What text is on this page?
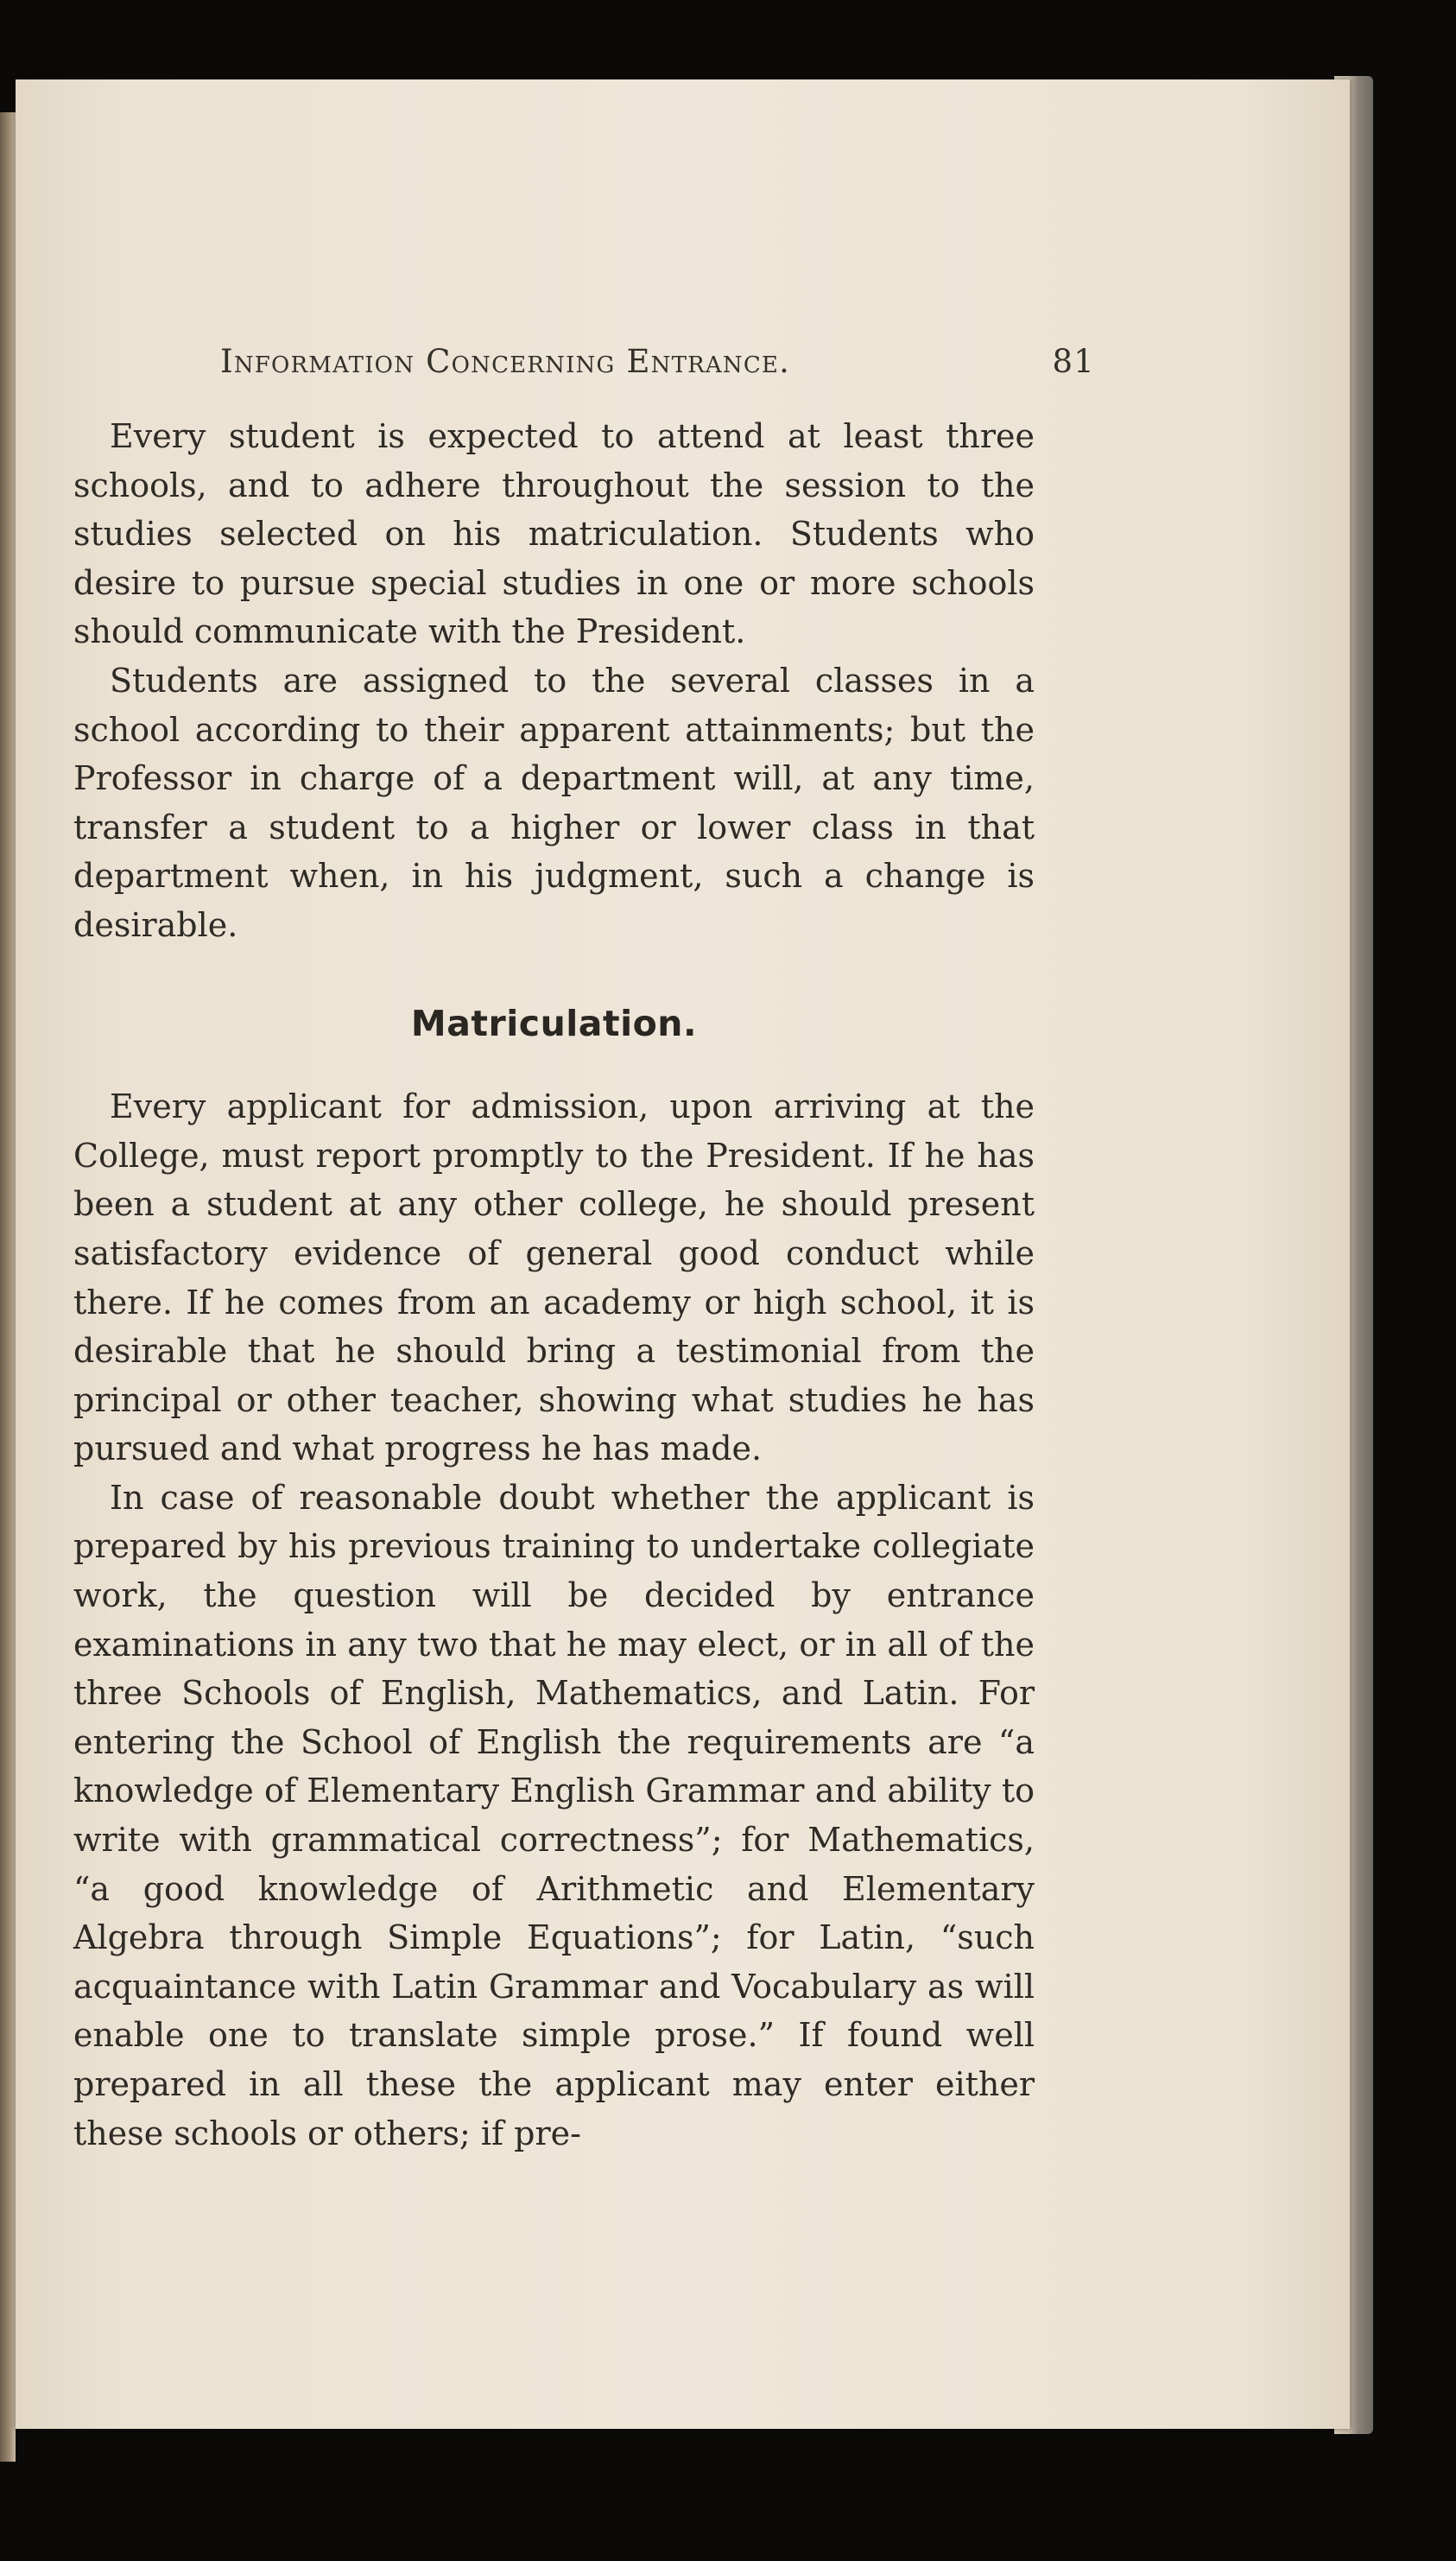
Information Concerning Entrance.	81

Every student is expected to attend at least three schools, and to adhere throughout the session to the studies selected on his matriculation. Students who desire to pursue special studies in one or more schools should communicate with the President.

Students are assigned to the several classes in a school according to their apparent attainments; but the Professor in charge of a department will, at any time, transfer a student to a higher or lower class in that department when, in his judgment, such a change is desirable.

Matriculation.

Every applicant for admission, upon arriving at the College, must report promptly to the President. If he has been a student at any other college, he should present satisfactory evidence of general good conduct while there. If he comes from an academy or high school, it is desirable that he should bring a testimonial from the principal or other teacher, showing what studies he has pursued and what progress he has made.

In case of reasonable doubt whether the applicant is prepared by his previous training to undertake collegiate work, the question will be decided by entrance examinations in any two that he may elect, or in all of the three Schools of English, Mathematics, and Latin. For entering the School of English the requirements are “a knowledge of Elementary English Grammar and ability to write with grammatical correctness”; for Mathematics, “a good knowledge of Arithmetic and Elementary Algebra through Simple Equations”; for Latin, “such acquaintance with Latin Grammar and Vocabulary as will enable one to translate simple prose.” If found well prepared in all these the applicant may enter either these schools or others; if pre-
